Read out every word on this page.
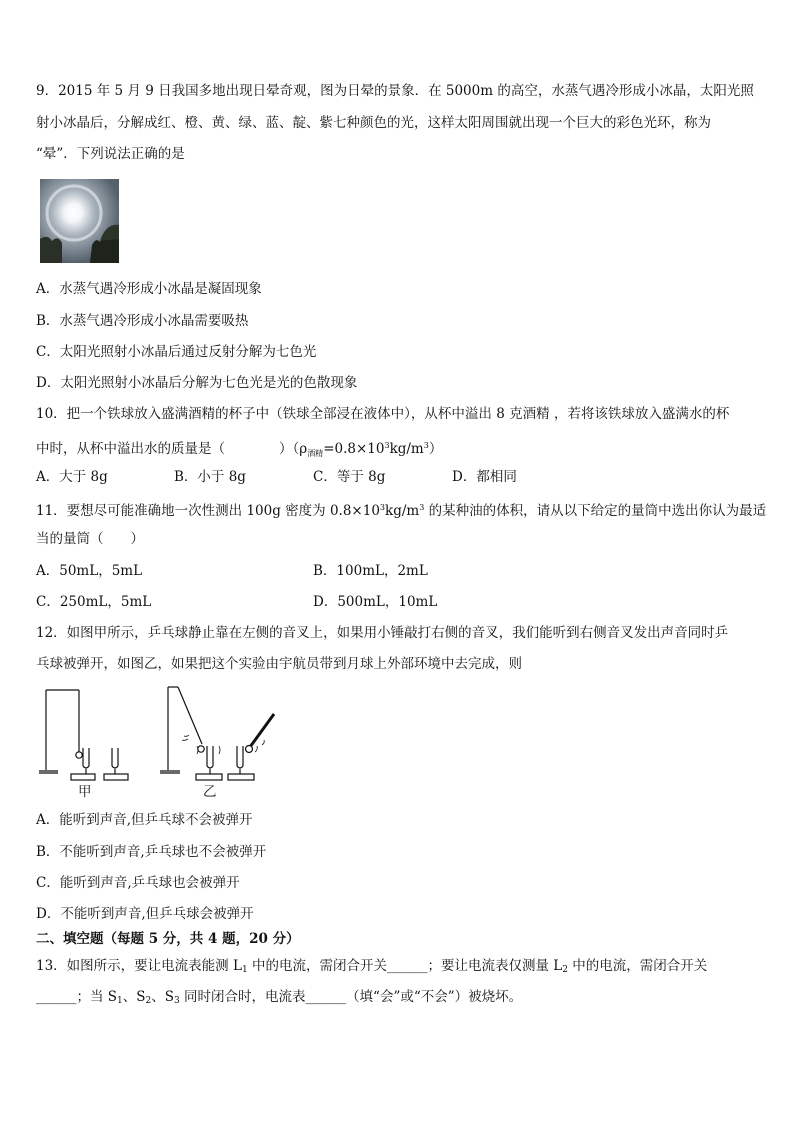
9．2015 年 5 月 9 日我国多地出现日晕奇观，图为日晕的景象．在 5000m 的高空，水蒸气遇冷形成小冰晶，太阳光照
射小冰晶后，分解成红、橙、黄、绿、蓝、靛、紫七种颜色的光，这样太阳周围就出现一个巨大的彩色光环，称为
“晕”．下列说法正确的是
A．水蒸气遇冷形成小冰晶是凝固现象
B．水蒸气遇冷形成小冰晶需要吸热
C．太阳光照射小冰晶后通过反射分解为七色光
D．太阳光照射小冰晶后分解为七色光是光的色散现象
10．把一个铁球放入盛满酒精的杯子中（铁球全部浸在液体中），从杯中溢出 8 克酒精 ，若将该铁球放入盛满水的杯
中时，从杯中溢出水的质量是（　　　　）$(\rho_{酒精}=0.8\times 10^3kg/m^3)$
A．大于 8g	B．小于 8g	C．等于 8g	D．都相同
11．要想尽可能准确地一次性测出 100g 密度为 $0.8\times 10^3kg/m^3$ 的某种油的体积，请从以下给定的量筒中选出你认为最适
当的量筒（　　）
A．50mL，5mL	B．100mL，2mL
C．250mL，5mL	D．500mL，10mL
12．如图甲所示，乒乓球静止靠在左侧的音叉上，如果用小锤敲打右侧的音叉，我们能听到右侧音叉发出声音同时乒
乓球被弹开，如图乙，如果把这个实验由宇航员带到月球上外部环境中去完成，则
甲	乙
A．能听到声音,但乒乓球不会被弹开
B．不能听到声音,乒乓球也不会被弹开
C．能听到声音,乒乓球也会被弹开
D．不能听到声音,但乒乓球会被弹开
二、填空题（每题 5 分，共 4 题，20 分）
13．如图所示，要让电流表能测 $L_1$ 中的电流，需闭合开关______；要让电流表仅测量 $L_2$ 中的电流，需闭合开关
______；当 $S_1$、$S_2$、$S_3$ 同时闭合时，电流表______（填“会”或“不会”）被烧坏。
